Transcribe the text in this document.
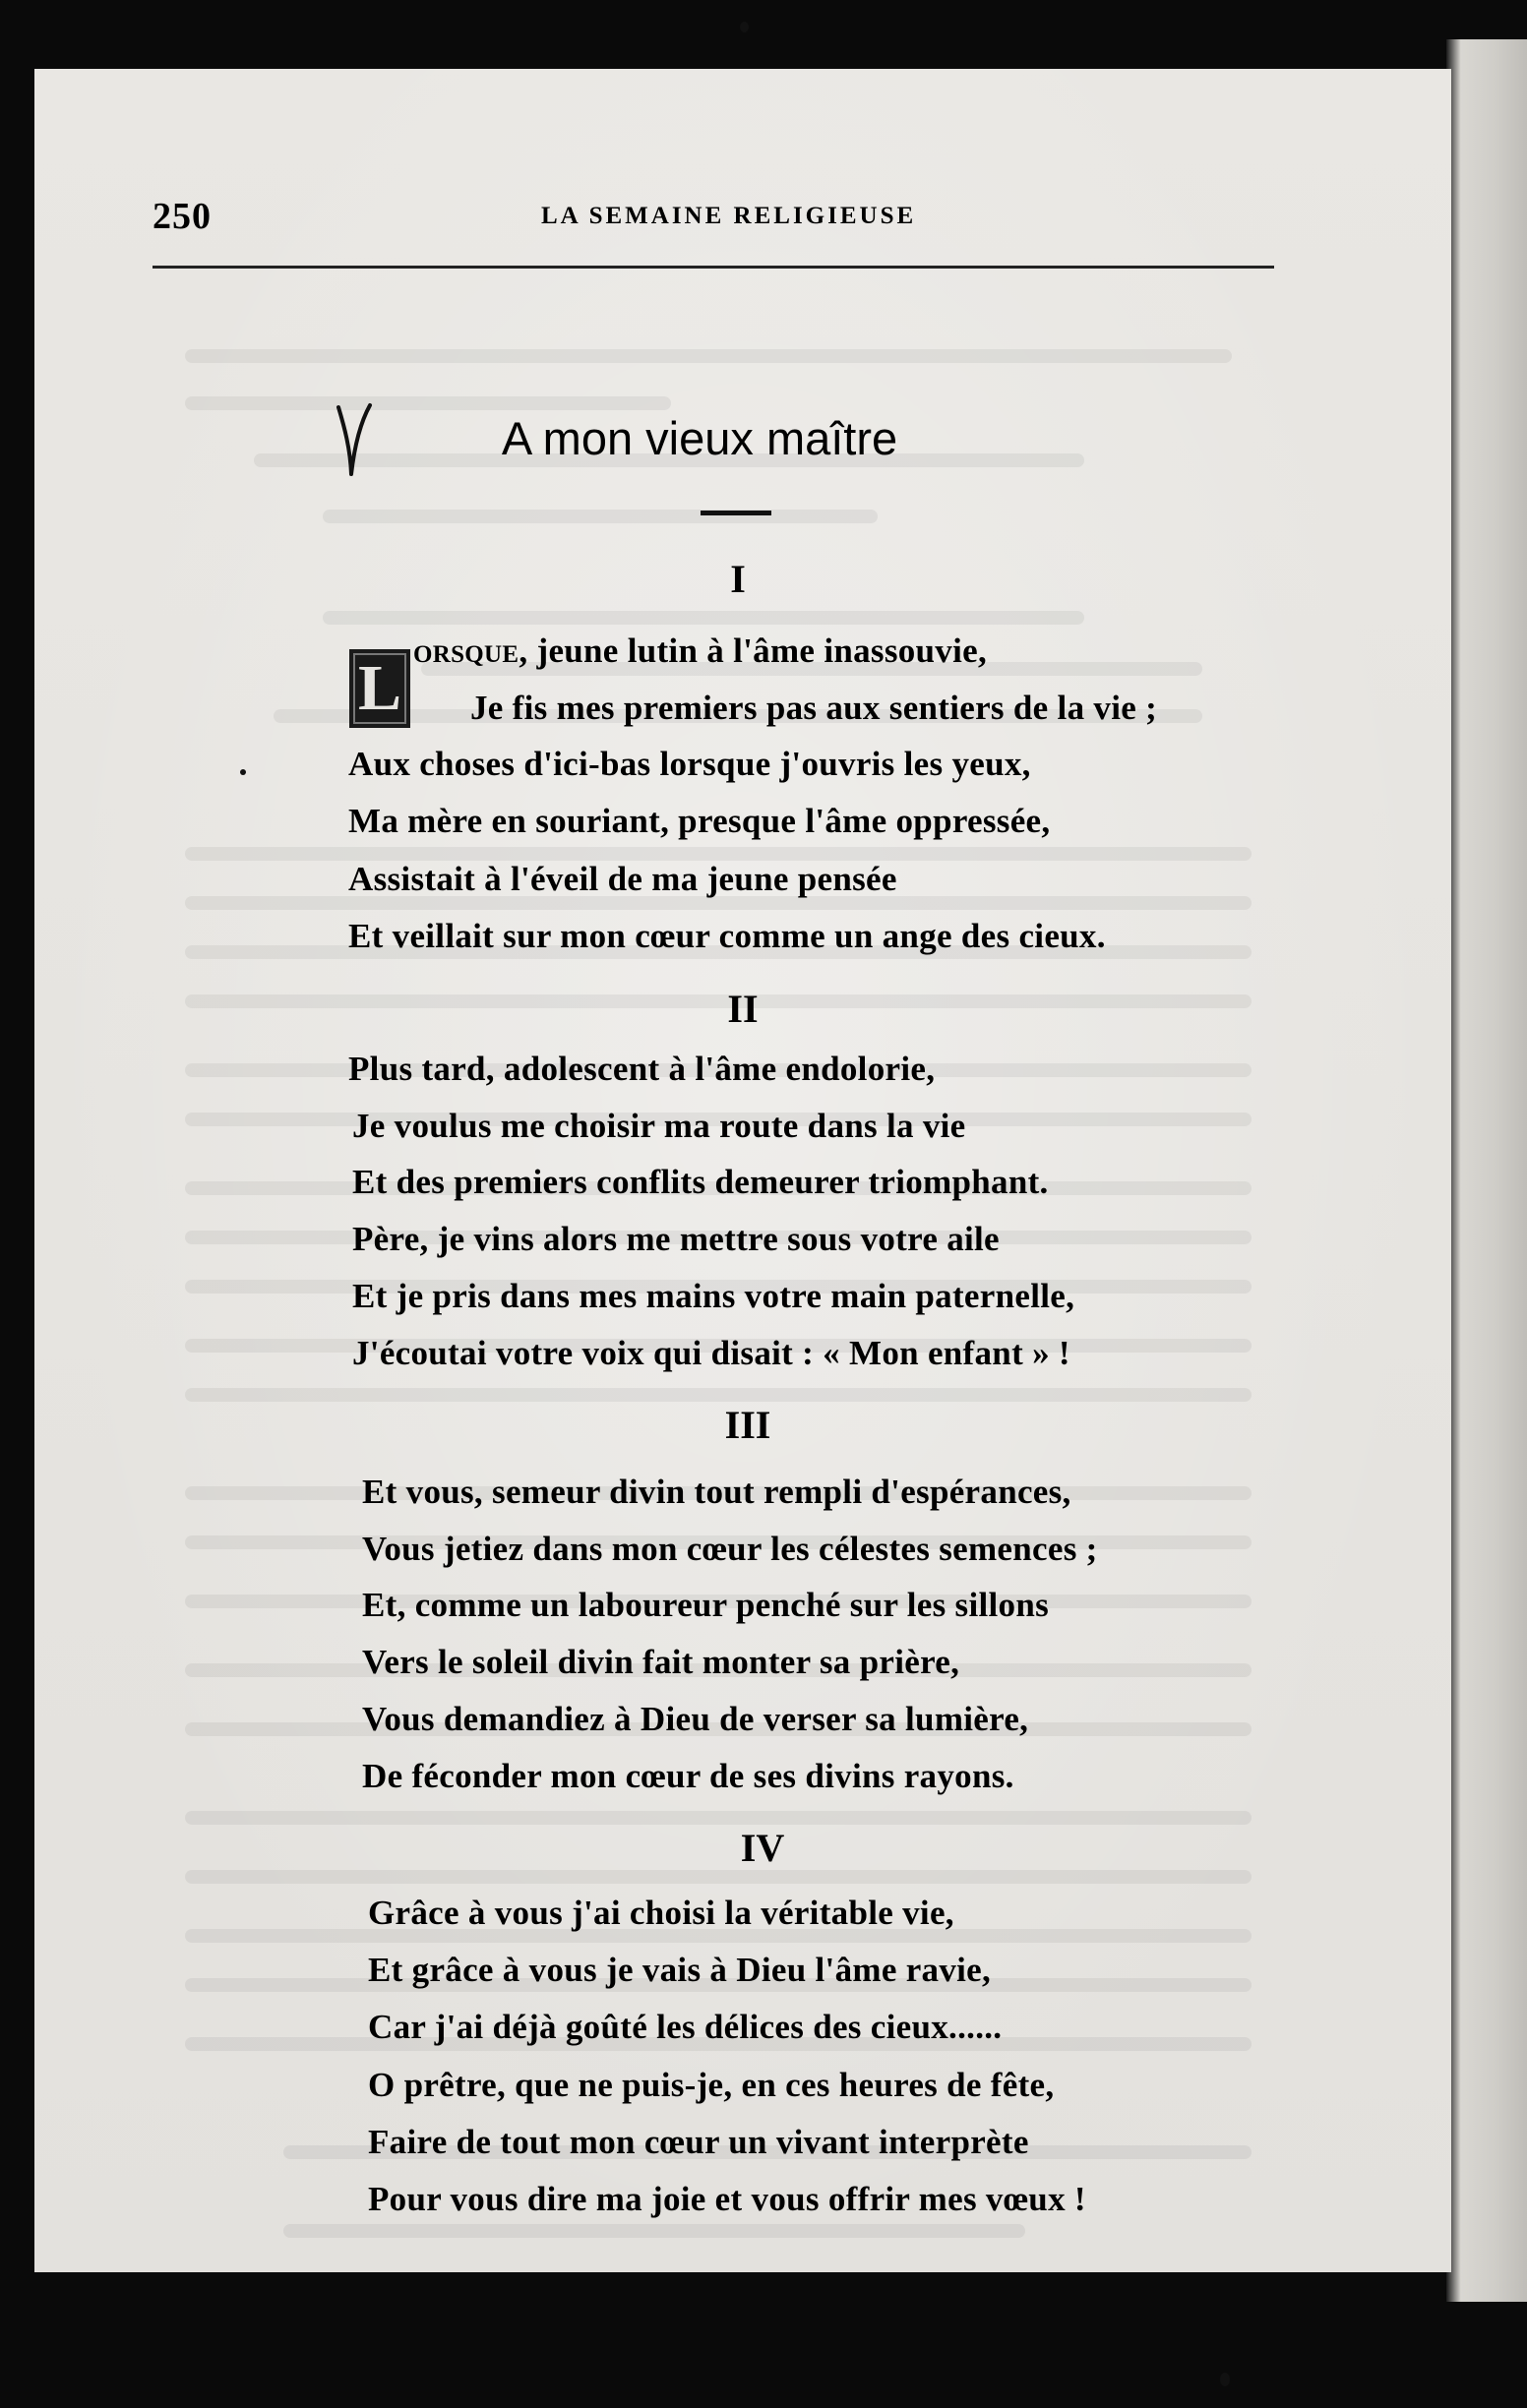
250	LA SEMAINE RELIGIEUSE
A mon vieux maître
I
L
orsque, jeune lutin à l'âme inassouvie,
Je fis mes premiers pas aux sentiers de la vie ;
Aux choses d'ici-bas lorsque j'ouvris les yeux,
Ma mère en souriant, presque l'âme oppressée,
Assistait à l'éveil de ma jeune pensée
Et veillait sur mon cœur comme un ange des cieux.
II
Plus tard, adolescent à l'âme endolorie,
Je voulus me choisir ma route dans la vie
Et des premiers conflits demeurer triomphant.
Père, je vins alors me mettre sous votre aile
Et je pris dans mes mains votre main paternelle,
J'écoutai votre voix qui disait : « Mon enfant » !
III
Et vous, semeur divin tout rempli d'espérances,
Vous jetiez dans mon cœur les célestes semences ;
Et, comme un laboureur penché sur les sillons
Vers le soleil divin fait monter sa prière,
Vous demandiez à Dieu de verser sa lumière,
De féconder mon cœur de ses divins rayons.
IV
Grâce à vous j'ai choisi la véritable vie,
Et grâce à vous je vais à Dieu l'âme ravie,
Car j'ai déjà goûté les délices des cieux......
O prêtre, que ne puis-je, en ces heures de fête,
Faire de tout mon cœur un vivant interprète
Pour vous dire ma joie et vous offrir mes vœux !
